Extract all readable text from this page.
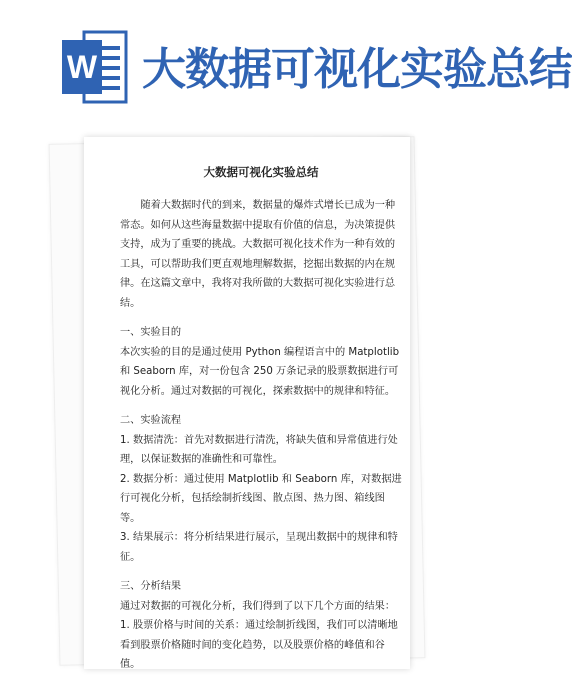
W 大数据可视化实验总结
大数据可视化实验总结

随着大数据时代的到来，数据量的爆炸式增长已成为一种常态。如何从这些海量数据中提取有价值的信息，为决策提供支持，成为了重要的挑战。大数据可视化技术作为一种有效的工具，可以帮助我们更直观地理解数据，挖掘出数据的内在规律。在这篇文章中，我将对我所做的大数据可视化实验进行总结。

一、实验目的

本次实验的目的是通过使用 Python 编程语言中的 Matplotlib 和 Seaborn 库，对一份包含 250 万条记录的股票数据进行可视化分析。通过对数据的可视化，探索数据中的规律和特征。

二、实验流程

1. 数据清洗：首先对数据进行清洗，将缺失值和异常值进行处理，以保证数据的准确性和可靠性。

2. 数据分析：通过使用 Matplotlib 和 Seaborn 库，对数据进行可视化分析，包括绘制折线图、散点图、热力图、箱线图等。

3. 结果展示：将分析结果进行展示，呈现出数据中的规律和特征。

三、分析结果

通过对数据的可视化分析，我们得到了以下几个方面的结果：

1. 股票价格与时间的关系：通过绘制折线图，我们可以清晰地看到股票价格随时间的变化趋势，以及股票价格的峰值和谷值。
